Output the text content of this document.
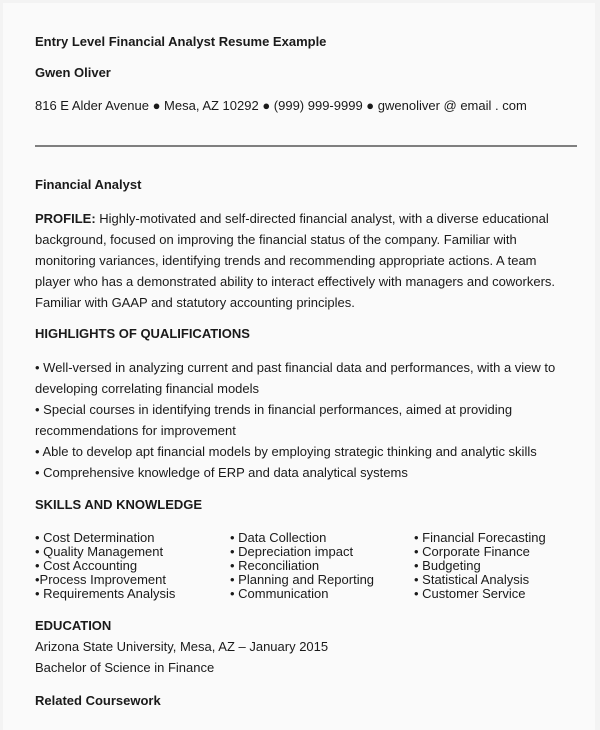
Entry Level Financial Analyst Resume Example
Gwen Oliver
816 E Alder Avenue ● Mesa, AZ 10292 ● (999) 999-9999 ● gwenoliver @ email . com
Financial Analyst
PROFILE: Highly-motivated and self-directed financial analyst, with a diverse educational background, focused on improving the financial status of the company. Familiar with monitoring variances, identifying trends and recommending appropriate actions. A team player who has a demonstrated ability to interact effectively with managers and coworkers. Familiar with GAAP and statutory accounting principles.
HIGHLIGHTS OF QUALIFICATIONS
• Well-versed in analyzing current and past financial data and performances, with a view to developing correlating financial models
• Special courses in identifying trends in financial performances, aimed at providing recommendations for improvement
• Able to develop apt financial models by employing strategic thinking and analytic skills
• Comprehensive knowledge of ERP and data analytical systems
SKILLS AND KNOWLEDGE
• Cost Determination
• Quality Management
• Cost Accounting
•Process Improvement
• Requirements Analysis
• Data Collection
• Depreciation impact
• Reconciliation
• Planning and Reporting
• Communication
• Financial Forecasting
• Corporate Finance
• Budgeting
• Statistical Analysis
• Customer Service
EDUCATION
Arizona State University, Mesa, AZ – January 2015
Bachelor of Science in Finance
Related Coursework
